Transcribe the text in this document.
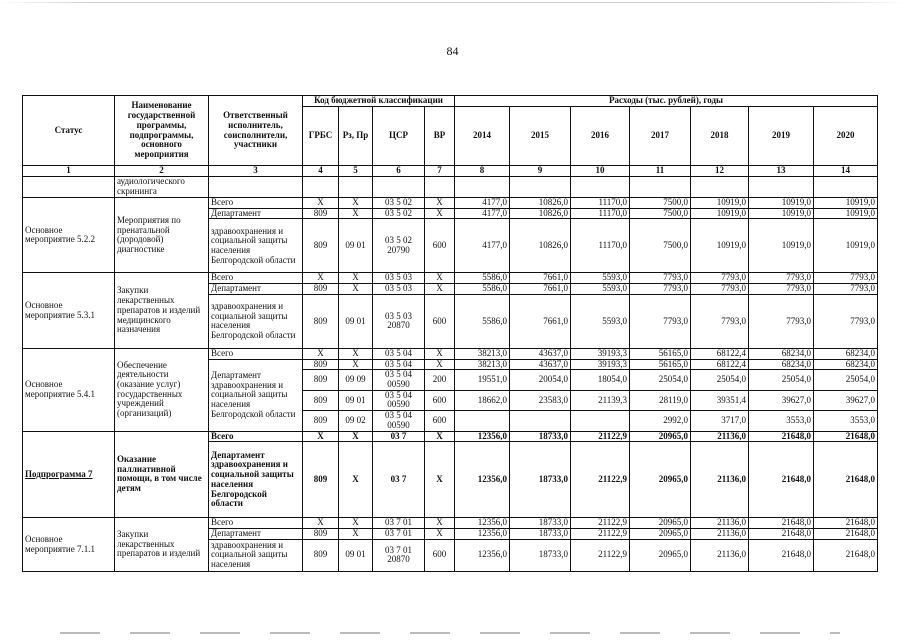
84
Статус	Наименование государственной программы, подпрограммы, основного мероприятия	Ответственный исполнитель, соисполнители, участники	Код бюджетной классификации				Расходы (тыс. рублей), годы						
			ГРБС	Рз, Пр	ЦСР	ВР	2014	2015	2016	2017	2018	2019	2020
1	2	3	4	5	6	7	8	9	10	11	12	13	14
	аудиологического скрининга												
Основное мероприятие 5.2.2	Мероприятия по пренатальной (дородовой) диагностике	Всего	X	X	03 5 02	X	4177,0	10826,0	11170,0	7500,0	10919,0	10919,0	10919,0
		Департамент	809	X	03 5 02	X	4177,0	10826,0	11170,0	7500,0	10919,0	10919,0	10919,0
		здравоохранения и социальной защиты населения Белгородской области	809	09 01	03 5 02 20790	600	4177,0	10826,0	11170,0	7500,0	10919,0	10919,0	10919,0
Основное мероприятие 5.3.1	Закупки лекарственных препаратов и изделий медицинского назначения	Всего	X	X	03 5 03	X	5586,0	7661,0	5593,0	7793,0	7793,0	7793,0	7793,0
		Департамент	809	X	03 5 03	X	5586,0	7661,0	5593,0	7793,0	7793,0	7793,0	7793,0
		здравоохранения и социальной защиты населения Белгородской области	809	09 01	03 5 03 20870	600	5586,0	7661,0	5593,0	7793,0	7793,0	7793,0	7793,0
Основное мероприятие 5.4.1	Обеспечение деятельности (оказание услуг) государственных учреждений (организаций)	Всего	X	X	03 5 04	X	38213,0	43637,0	39193,3	56165,0	68122,4	68234,0	68234,0
		Департамент здравоохранения и социальной защиты населения Белгородской области	809	X	03 5 04	X	38213,0	43637,0	39193,3	56165,0	68122,4	68234,0	68234,0
			809	09 09	03 5 04 00590	200	19551,0	20054,0	18054,0	25054,0	25054,0	25054,0	25054,0
			809	09 01	03 5 04 00590	600	18662,0	23583,0	21139,3	28119,0	39351,4	39627,0	39627,0
			809	09 02	03 5 04 00590	600				2992,0	3717,0	3553,0	3553,0
Подпрограмма 7	Оказание паллиативной помощи, в том числе детям	Всего	X	X	03 7	X	12356,0	18733,0	21122,9	20965,0	21136,0	21648,0	21648,0
		Департамент здравоохранения и социальной защиты населения Белгородской области	809	X	03 7	X	12356,0	18733,0	21122,9	20965,0	21136,0	21648,0	21648,0
Основное мероприятие 7.1.1	Закупки лекарственных препаратов и изделий	Всего	X	X	03 7 01	X	12356,0	18733,0	21122,9	20965,0	21136,0	21648,0	21648,0
		Департамент	809	X	03 7 01	X	12356,0	18733,0	21122,9	20965,0	21136,0	21648,0	21648,0
		здравоохранения и социальной защиты населения	809	09 01	03 7 01 20870	600	12356,0	18733,0	21122,9	20965,0	21136,0	21648,0	21648,0
